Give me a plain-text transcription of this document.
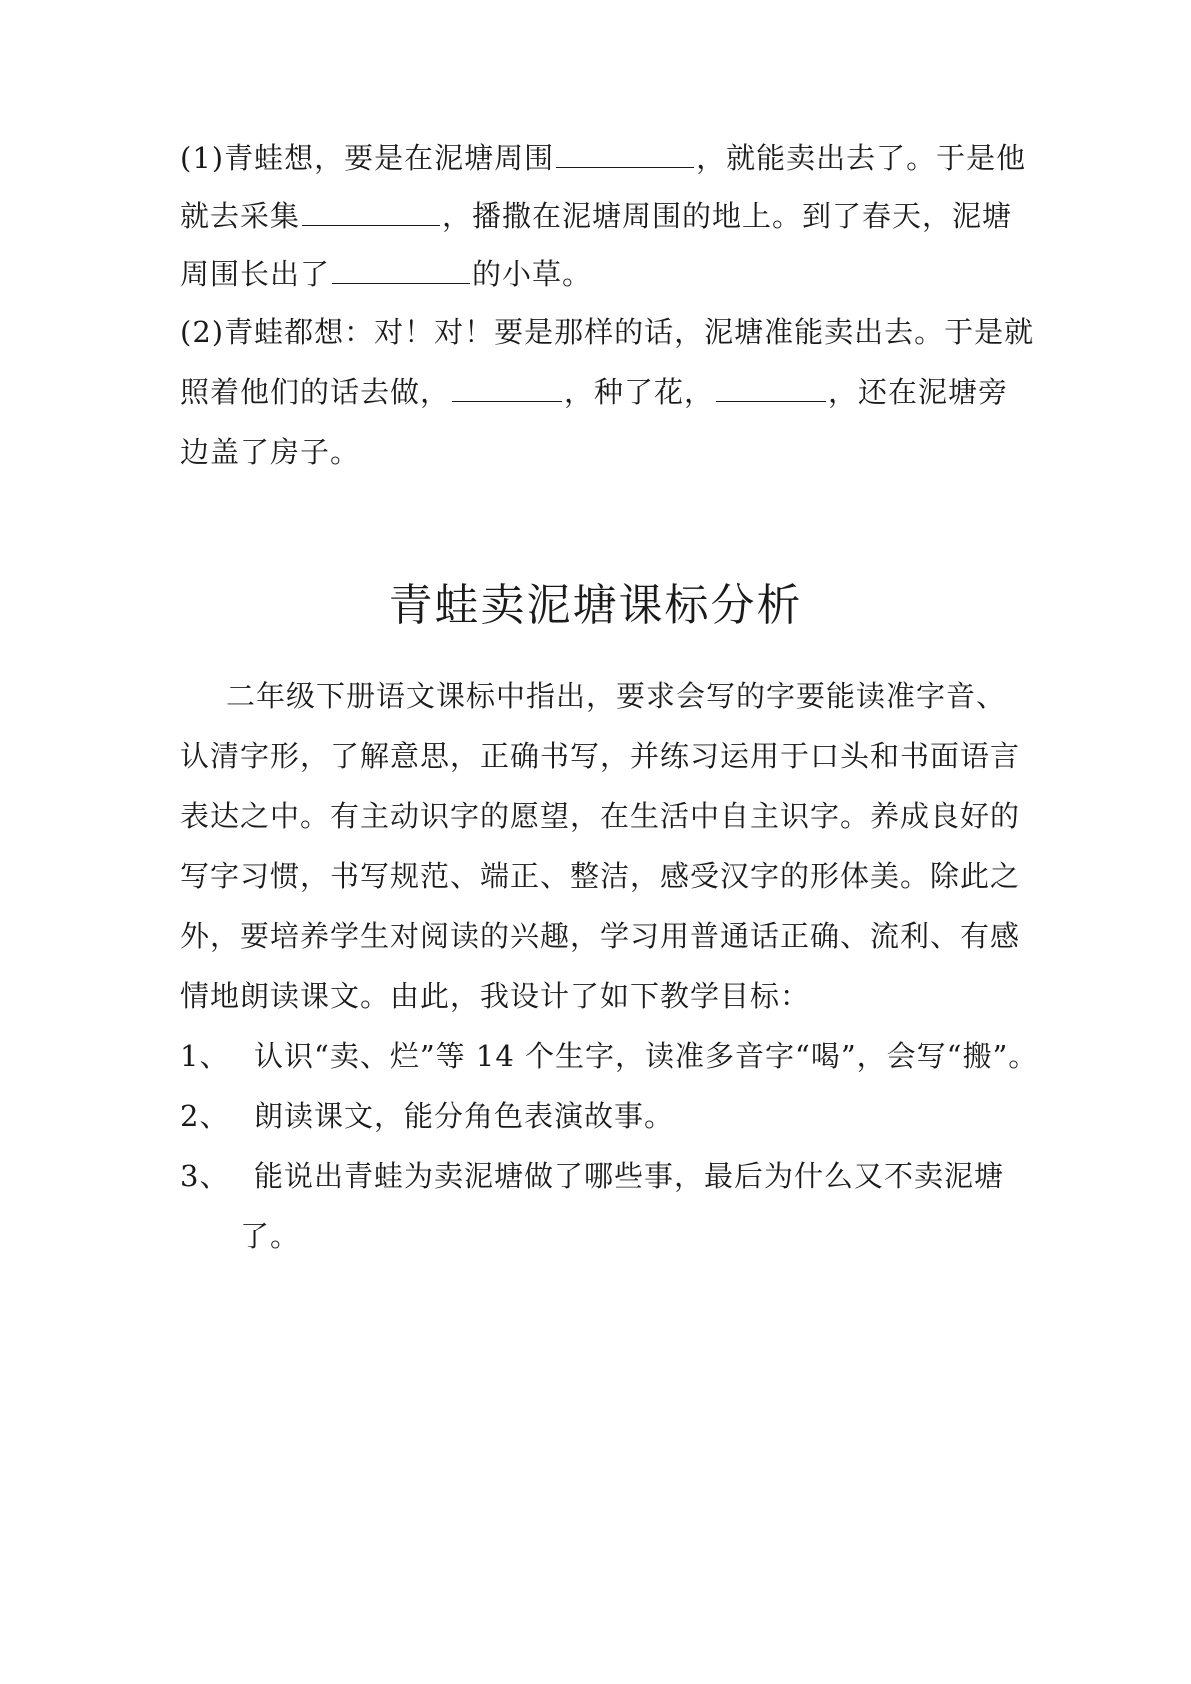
(1)青蛙想，要是在泥塘周围	，就能卖出去了。于是他
就去采集	，播撒在泥塘周围的地上。到了春天，泥塘
周围长出了	的小草。
(2)青蛙都想：对！对！要是那样的话，泥塘准能卖出去。于是就
照着他们的话去做，	，种了花，	，还在泥塘旁
边盖了房子。
青蛙卖泥塘课标分析
二年级下册语文课标中指出，要求会写的字要能读准字音、
认清字形，了解意思，正确书写，并练习运用于口头和书面语言
表达之中。有主动识字的愿望，在生活中自主识字。养成良好的
写字习惯，书写规范、端正、整洁，感受汉字的形体美。除此之
外，要培养学生对阅读的兴趣，学习用普通话正确、流利、有感
情地朗读课文。由此，我设计了如下教学目标：
1、 认识“卖、烂”等 14 个生字，读准多音字“喝”，会写“搬”。
2、 朗读课文，能分角色表演故事。
3、 能说出青蛙为卖泥塘做了哪些事，最后为什么又不卖泥塘
了。
